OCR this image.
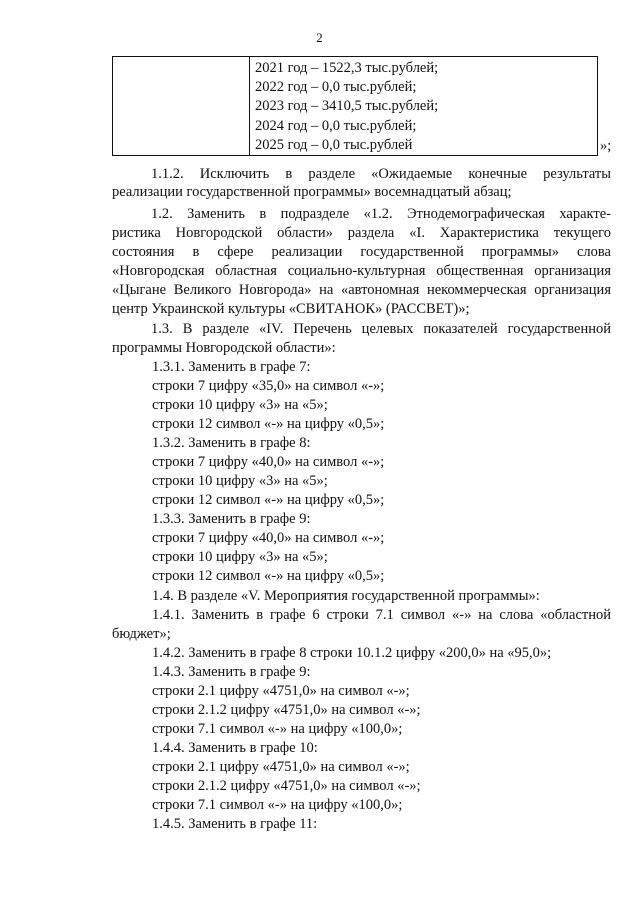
2
2021 год – 1522,3 тыс.рублей;
2022 год – 0,0 тыс.рублей;
2023 год – 3410,5 тыс.рублей;
2024 год – 0,0 тыс.рублей;
2025 год – 0,0 тыс.рублей	»;
1.1.2. Исключить в разделе «Ожидаемые конечные результаты
реализации государственной программы» восемнадцатый абзац;
1.2. Заменить в подразделе «1.2. Этнодемографическая характе-
ристика Новгородской области» раздела «I. Характеристика текущего
состояния в сфере реализации государственной программы» слова
«Новгородская областная социально-культурная общественная организация
«Цыгане Великого Новгорода» на «автономная некоммерческая организация
центр Украинской культуры «СВИТАНОК» (РАССВЕТ)»;
1.3. В разделе «IV. Перечень целевых показателей государственной
программы Новгородской области»:
1.3.1. Заменить в графе 7:
строки 7 цифру «35,0» на символ «-»;
строки 10 цифру «3» на «5»;
строки 12 символ «-» на цифру «0,5»;
1.3.2. Заменить в графе 8:
строки 7 цифру «40,0» на символ «-»;
строки 10 цифру «3» на «5»;
строки 12 символ «-» на цифру «0,5»;
1.3.3. Заменить в графе 9:
строки 7 цифру «40,0» на символ «-»;
строки 10 цифру «3» на «5»;
строки 12 символ «-» на цифру «0,5»;
1.4. В разделе «V. Мероприятия государственной программы»:
1.4.1. Заменить в графе 6 строки 7.1 символ «-» на слова «областной
бюджет»;
1.4.2. Заменить в графе 8 строки 10.1.2 цифру «200,0» на «95,0»;
1.4.3. Заменить в графе 9:
строки 2.1 цифру «4751,0» на символ «-»;
строки 2.1.2 цифру «4751,0» на символ «-»;
строки 7.1 символ «-» на цифру «100,0»;
1.4.4. Заменить в графе 10:
строки 2.1 цифру «4751,0» на символ «-»;
строки 2.1.2 цифру «4751,0» на символ «-»;
строки 7.1 символ «-» на цифру «100,0»;
1.4.5. Заменить в графе 11:
